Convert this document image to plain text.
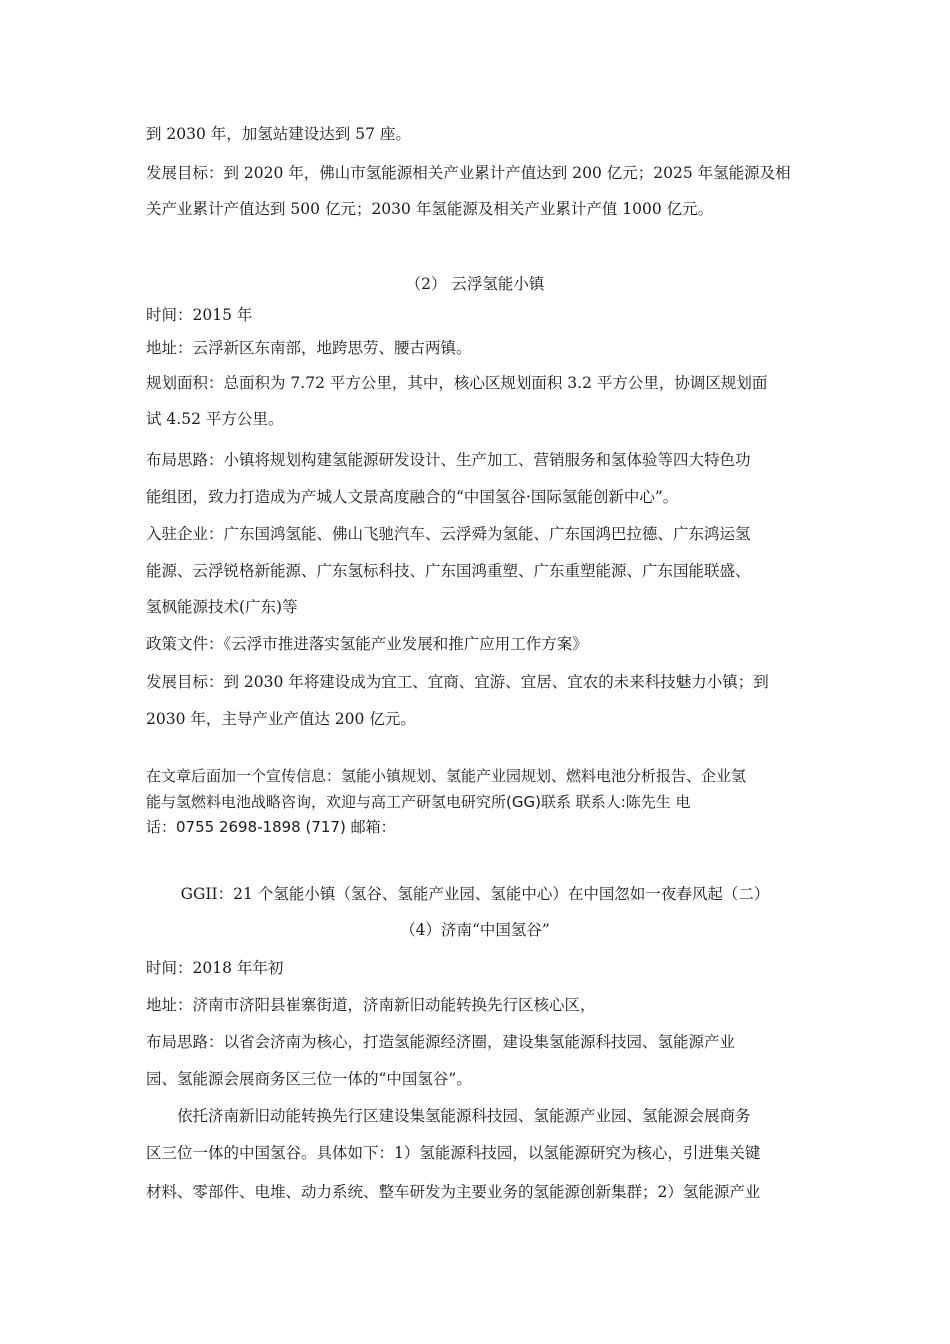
到 2030 年，加氢站建设达到 57 座。
发展目标：到 2020 年，佛山市氢能源相关产业累计产值达到 200 亿元；2025 年氢能源及相
关产业累计产值达到 500 亿元；2030 年氢能源及相关产业累计产值 1000 亿元。
（2） 云浮氢能小镇
时间：2015 年
地址：云浮新区东南部，地跨思劳、腰古两镇。
规划面积：总面积为 7.72 平方公里，其中，核心区规划面积 3.2 平方公里，协调区规划面
试 4.52 平方公里。
布局思路：小镇将规划构建氢能源研发设计、生产加工、营销服务和氢体验等四大特色功
能组团，致力打造成为产城人文景高度融合的“中国氢谷·国际氢能创新中心”。
入驻企业：广东国鸿氢能、佛山飞驰汽车、云浮舜为氢能、广东国鸿巴拉德、广东鸿运氢
能源、云浮锐格新能源、广东氢标科技、广东国鸿重塑、广东重塑能源、广东国能联盛、
氢枫能源技术(广东)等
政策文件：《云浮市推进落实氢能产业发展和推广应用工作方案》
发展目标：到 2030 年将建设成为宜工、宜商、宜游、宜居、宜农的未来科技魅力小镇；到
2030 年，主导产业产值达 200 亿元。
在文章后面加一个宣传信息：氢能小镇规划、氢能产业园规划、燃料电池分析报告、企业氢
能与氢燃料电池战略咨询，欢迎与高工产研氢电研究所(GG)联系 联系人:陈先生 电
话：0755 2698-1898 (717) 邮箱：
GGII：21 个氢能小镇（氢谷、氢能产业园、氢能中心）在中国忽如一夜春风起（二）
（4）济南“中国氢谷”
时间：2018 年年初
地址：济南市济阳县崔寨街道，济南新旧动能转换先行区核心区，
布局思路：以省会济南为核心，打造氢能源经济圈，建设集氢能源科技园、氢能源产业
园、氢能源会展商务区三位一体的“中国氢谷”。
依托济南新旧动能转换先行区建设集氢能源科技园、氢能源产业园、氢能源会展商务
区三位一体的中国氢谷。具体如下：1）氢能源科技园，以氢能源研究为核心，引进集关键
材料、零部件、电堆、动力系统、整车研发为主要业务的氢能源创新集群；2）氢能源产业
